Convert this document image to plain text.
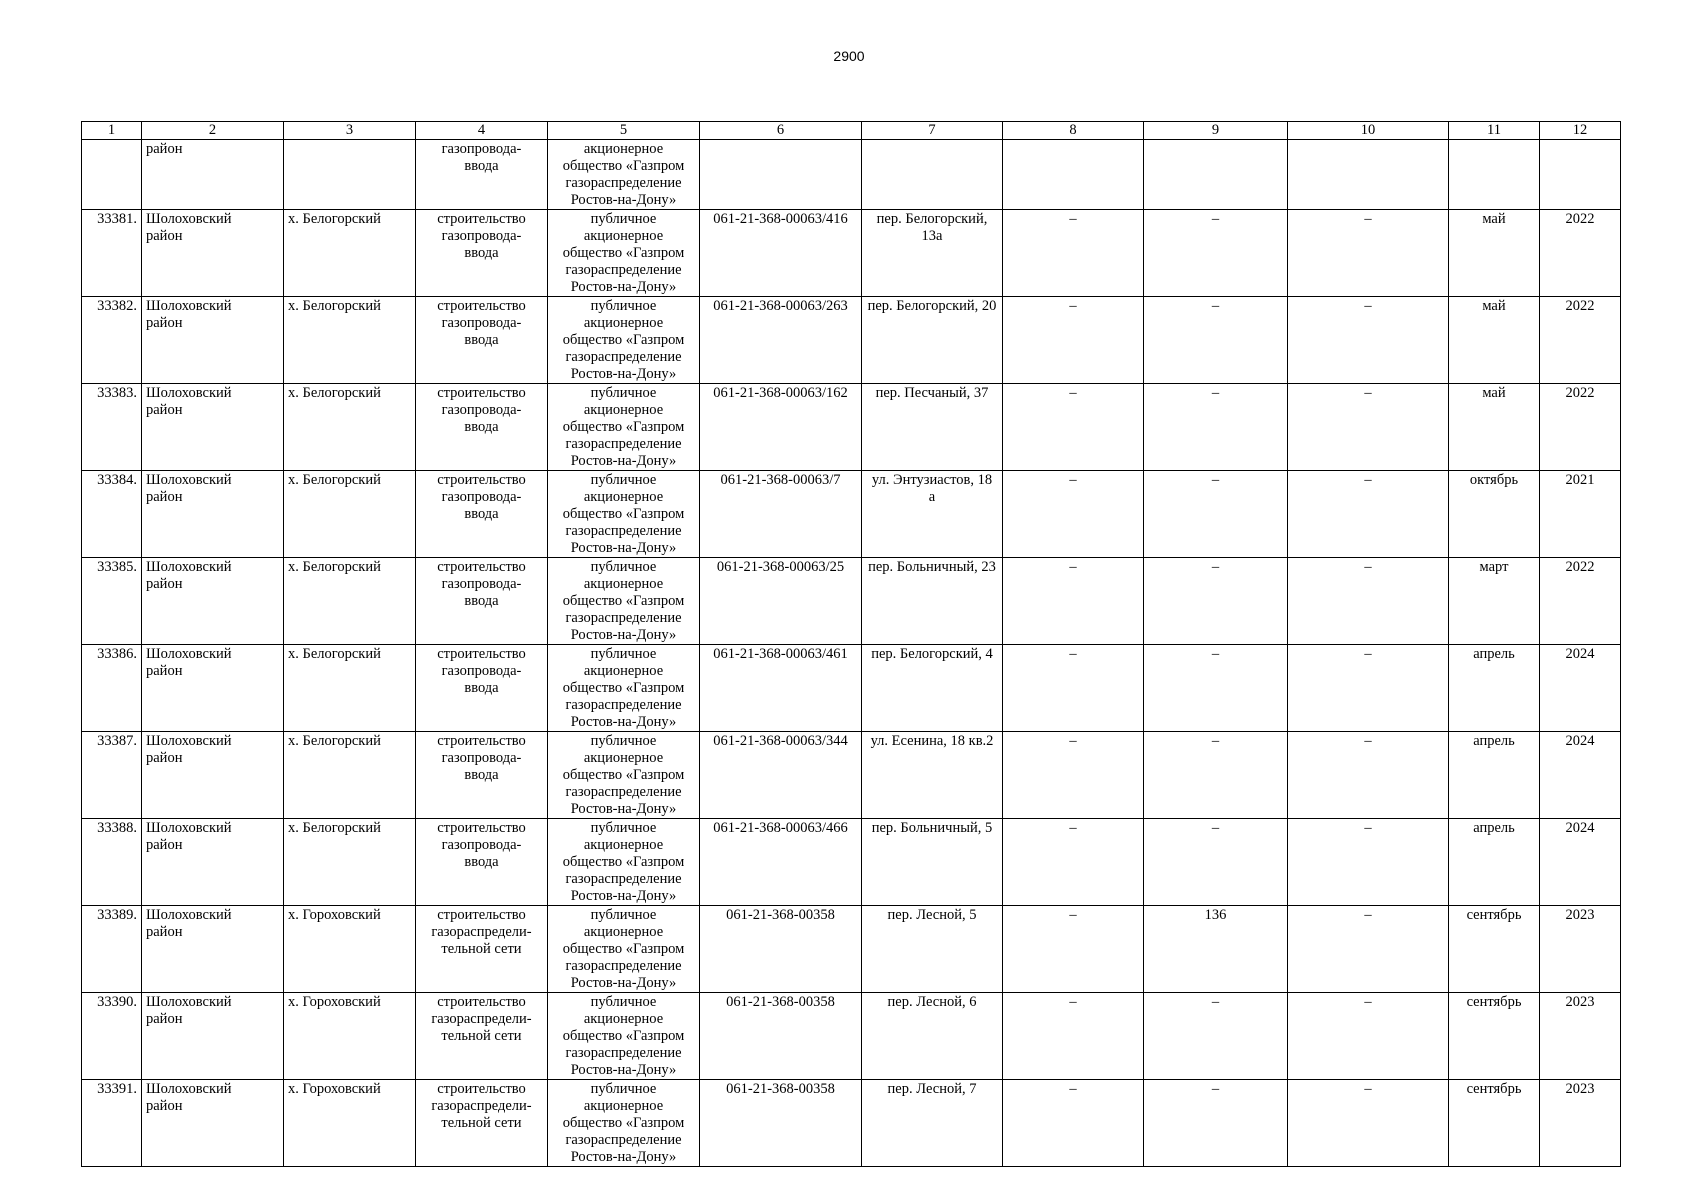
2900
1	2	3	4	5	6	7	8	9	10	11	12
	район		газопровода-
ввода	акционерное
общество «Газпром
газораспределение
Ростов-на-Дону»							
33381.	Шолоховский
район	х. Белогорский	строительство
газопровода-
ввода	публичное
акционерное
общество «Газпром
газораспределение
Ростов-на-Дону»	061-21-368-00063/416	пер. Белогорский,
13а	–	–	–	май	2022
33382.	Шолоховский
район	х. Белогорский	строительство
газопровода-
ввода	публичное
акционерное
общество «Газпром
газораспределение
Ростов-на-Дону»	061-21-368-00063/263	пер. Белогорский, 20	–	–	–	май	2022
33383.	Шолоховский
район	х. Белогорский	строительство
газопровода-
ввода	публичное
акционерное
общество «Газпром
газораспределение
Ростов-на-Дону»	061-21-368-00063/162	пер. Песчаный, 37	–	–	–	май	2022
33384.	Шолоховский
район	х. Белогорский	строительство
газопровода-
ввода	публичное
акционерное
общество «Газпром
газораспределение
Ростов-на-Дону»	061-21-368-00063/7	ул. Энтузиастов, 18
а	–	–	–	октябрь	2021
33385.	Шолоховский
район	х. Белогорский	строительство
газопровода-
ввода	публичное
акционерное
общество «Газпром
газораспределение
Ростов-на-Дону»	061-21-368-00063/25	пер. Больничный, 23	–	–	–	март	2022
33386.	Шолоховский
район	х. Белогорский	строительство
газопровода-
ввода	публичное
акционерное
общество «Газпром
газораспределение
Ростов-на-Дону»	061-21-368-00063/461	пер. Белогорский, 4	–	–	–	апрель	2024
33387.	Шолоховский
район	х. Белогорский	строительство
газопровода-
ввода	публичное
акционерное
общество «Газпром
газораспределение
Ростов-на-Дону»	061-21-368-00063/344	ул. Есенина, 18 кв.2	–	–	–	апрель	2024
33388.	Шолоховский
район	х. Белогорский	строительство
газопровода-
ввода	публичное
акционерное
общество «Газпром
газораспределение
Ростов-на-Дону»	061-21-368-00063/466	пер. Больничный, 5	–	–	–	апрель	2024
33389.	Шолоховский
район	х. Гороховский	строительство
газораспредели-
тельной сети	публичное
акционерное
общество «Газпром
газораспределение
Ростов-на-Дону»	061-21-368-00358	пер. Лесной, 5	–	136	–	сентябрь	2023
33390.	Шолоховский
район	х. Гороховский	строительство
газораспредели-
тельной сети	публичное
акционерное
общество «Газпром
газораспределение
Ростов-на-Дону»	061-21-368-00358	пер. Лесной, 6	–	–	–	сентябрь	2023
33391.	Шолоховский
район	х. Гороховский	строительство
газораспредели-
тельной сети	публичное
акционерное
общество «Газпром
газораспределение
Ростов-на-Дону»	061-21-368-00358	пер. Лесной, 7	–	–	–	сентябрь	2023
